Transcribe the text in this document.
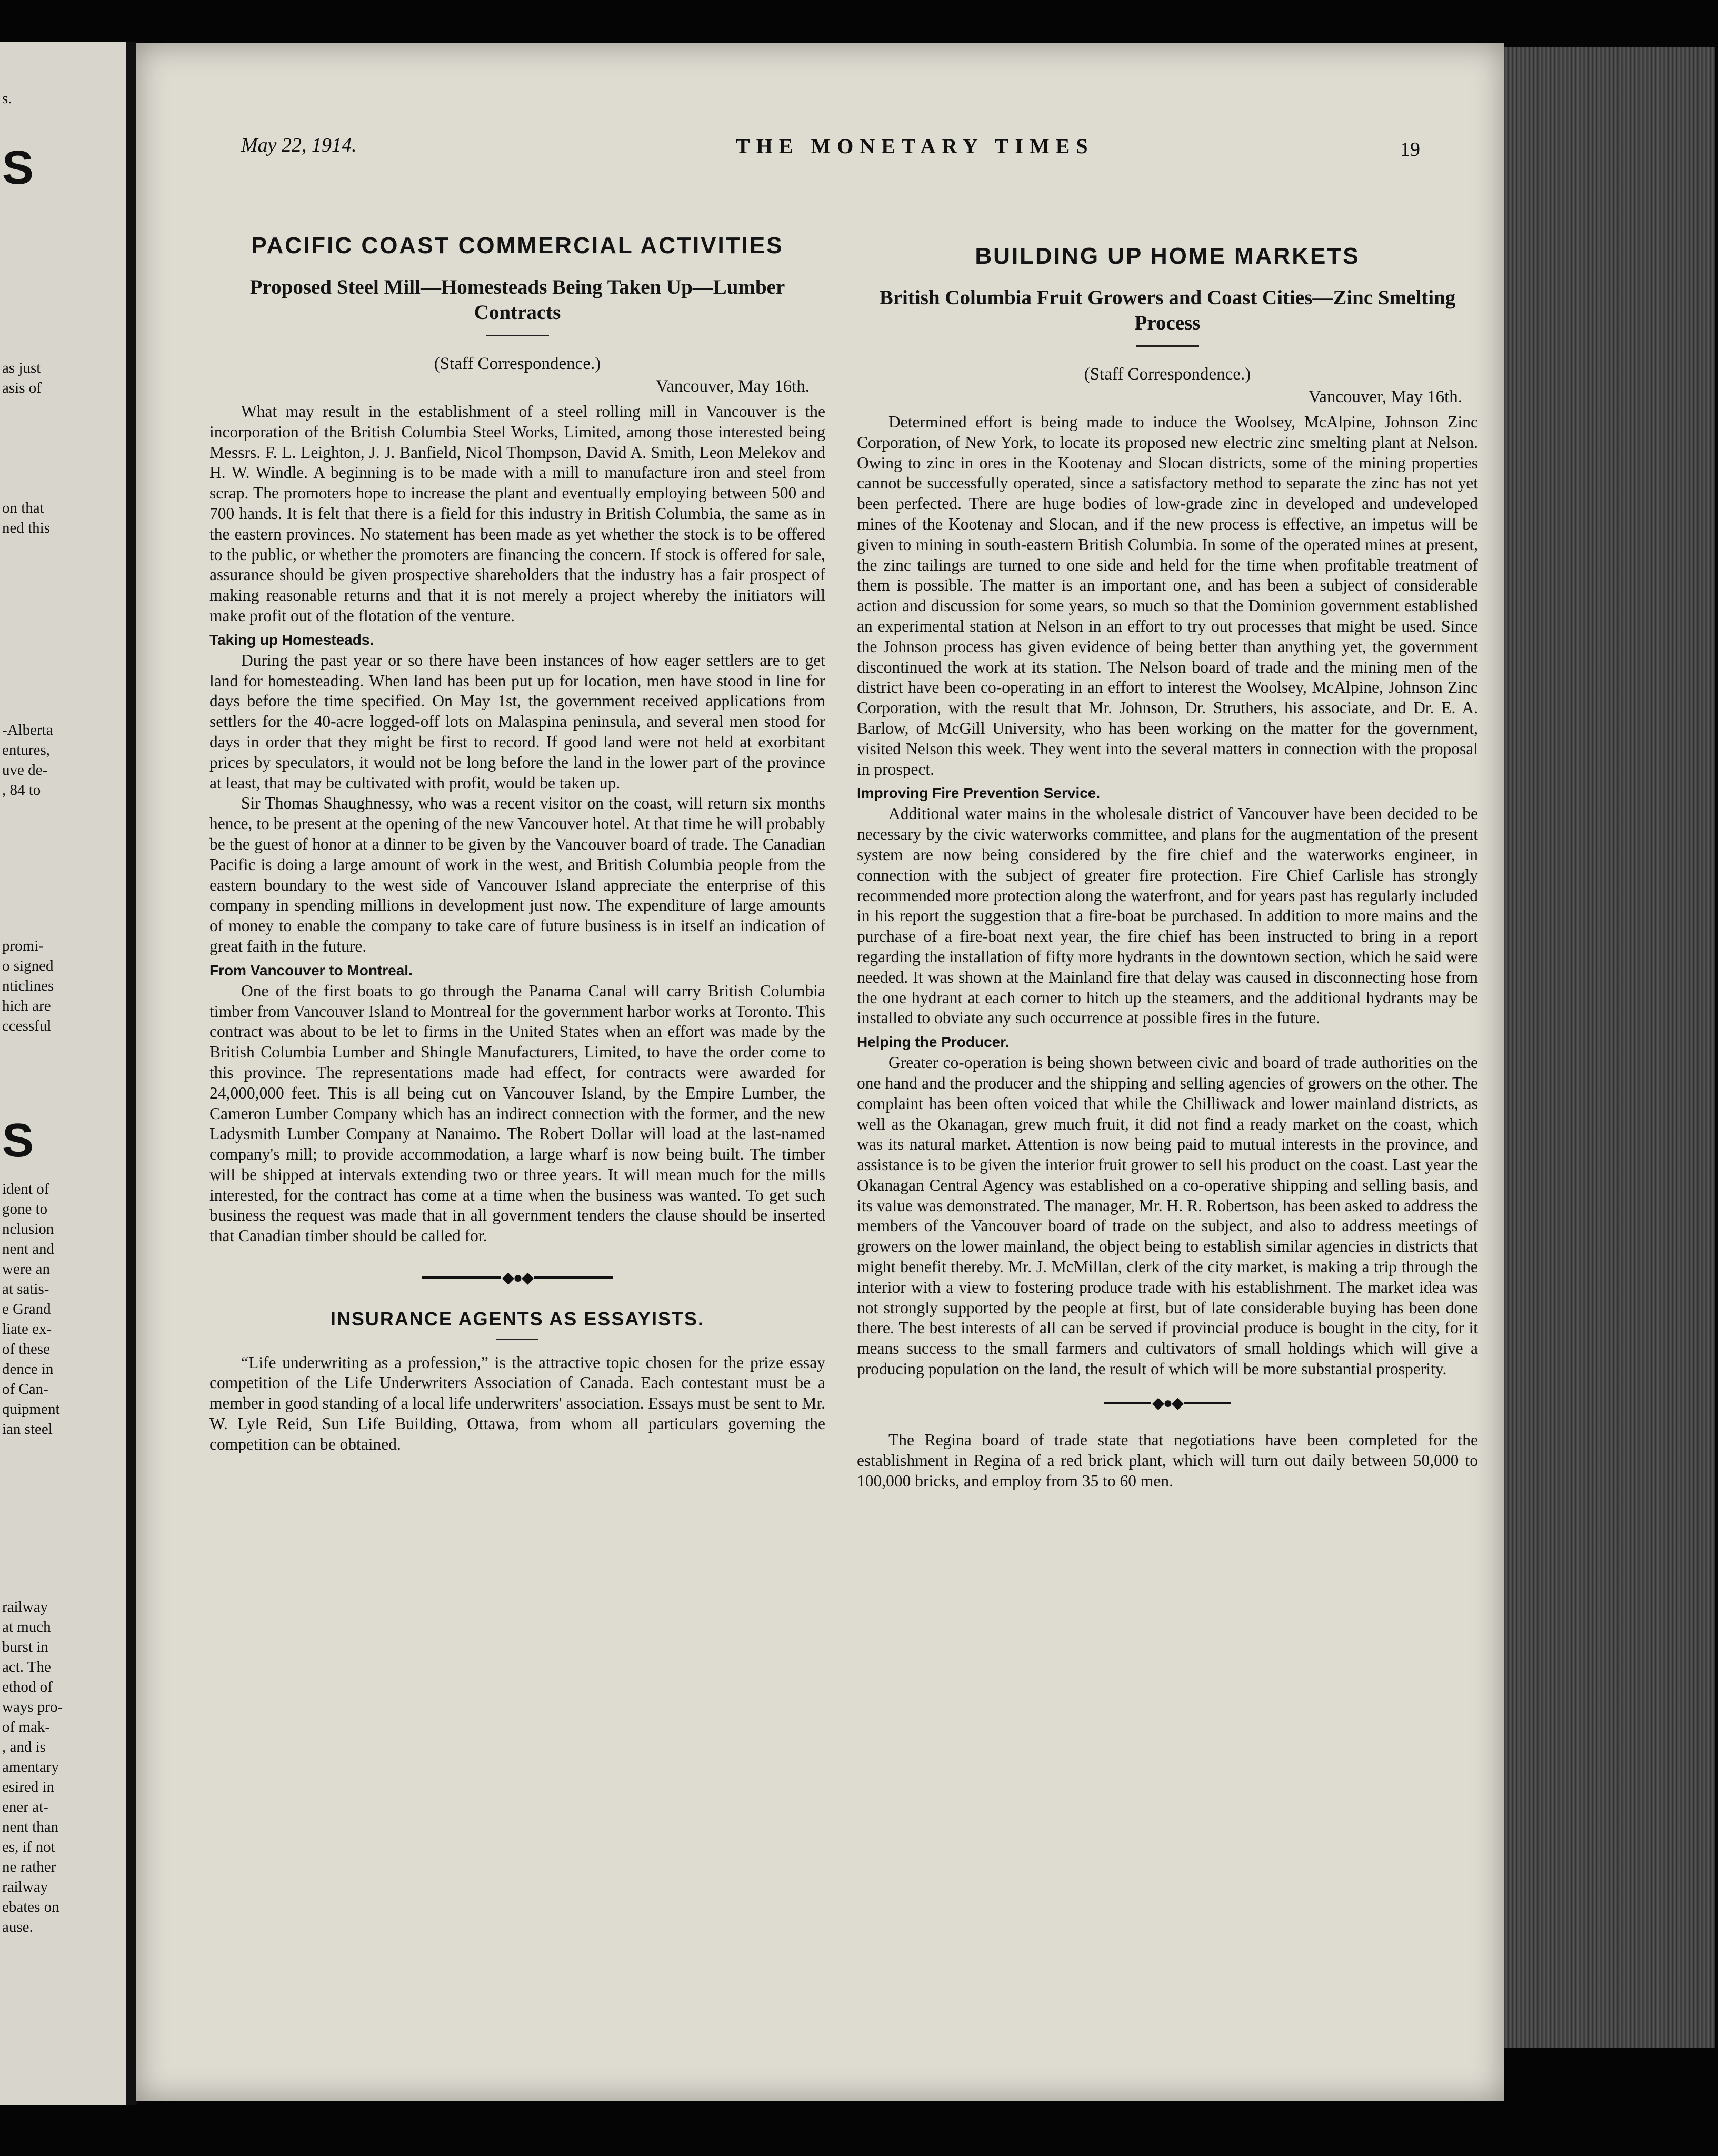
s.
S
as just
asis of
on that
ned this
-Alberta
entures,
uve de-
, 84 to
promi-
o signed
nticlines
hich are
ccessful
S
ident of
gone to
nclusion
nent and
were an
at satis-
e Grand
liate ex-
of these
dence in
of Can-
quipment
ian steel
railway
at much
burst in
act. The
ethod of
ways pro-
of mak-
, and is
amentary
esired in
ener at-
nent than
es, if not
ne rather
railway
ebates on
ause.
May 22, 1914.	THE MONETARY TIMES	19

PACIFIC COAST COMMERCIAL ACTIVITIES

Proposed Steel Mill—Homesteads Being Taken Up—Lumber Contracts

(Staff Correspondence.)

Vancouver, May 16th.

What may result in the establishment of a steel rolling mill in Vancouver is the incorporation of the British Columbia Steel Works, Limited, among those interested being Messrs. F. L. Leighton, J. J. Banfield, Nicol Thompson, David A. Smith, Leon Melekov and H. W. Windle. A beginning is to be made with a mill to manufacture iron and steel from scrap. The promoters hope to increase the plant and eventually employing between 500 and 700 hands. It is felt that there is a field for this industry in British Columbia, the same as in the eastern provinces. No statement has been made as yet whether the stock is to be offered to the public, or whether the promoters are financing the concern. If stock is offered for sale, assurance should be given prospective shareholders that the industry has a fair prospect of making reasonable returns and that it is not merely a project whereby the initiators will make profit out of the flotation of the venture.

Taking up Homesteads.

During the past year or so there have been instances of how eager settlers are to get land for homesteading. When land has been put up for location, men have stood in line for days before the time specified. On May 1st, the government received applications from settlers for the 40-acre logged-off lots on Malaspina peninsula, and several men stood for days in order that they might be first to record. If good land were not held at exorbitant prices by speculators, it would not be long before the land in the lower part of the province at least, that may be cultivated with profit, would be taken up.

Sir Thomas Shaughnessy, who was a recent visitor on the coast, will return six months hence, to be present at the opening of the new Vancouver hotel. At that time he will probably be the guest of honor at a dinner to be given by the Vancouver board of trade. The Canadian Pacific is doing a large amount of work in the west, and British Columbia people from the eastern boundary to the west side of Vancouver Island appreciate the enterprise of this company in spending millions in development just now. The expenditure of large amounts of money to enable the company to take care of future business is in itself an indication of great faith in the future.

From Vancouver to Montreal.

One of the first boats to go through the Panama Canal will carry British Columbia timber from Vancouver Island to Montreal for the government harbor works at Toronto. This contract was about to be let to firms in the United States when an effort was made by the British Columbia Lumber and Shingle Manufacturers, Limited, to have the order come to this province. The representations made had effect, for contracts were awarded for 24,000,000 feet. This is all being cut on Vancouver Island, by the Empire Lumber, the Cameron Lumber Company which has an indirect connection with the former, and the new Ladysmith Lumber Company at Nanaimo. The Robert Dollar will load at the last-named company's mill; to provide accommodation, a large wharf is now being built. The timber will be shipped at intervals extending two or three years. It will mean much for the mills interested, for the contract has come at a time when the business was wanted. To get such business the request was made that in all government tenders the clause should be inserted that Canadian timber should be called for.

◆●◆

INSURANCE AGENTS AS ESSAYISTS.

“Life underwriting as a profession,” is the attractive topic chosen for the prize essay competition of the Life Underwriters Association of Canada. Each contestant must be a member in good standing of a local life underwriters' association. Essays must be sent to Mr. W. Lyle Reid, Sun Life Building, Ottawa, from whom all particulars governing the competition can be obtained.

BUILDING UP HOME MARKETS

British Columbia Fruit Growers and Coast Cities—Zinc Smelting Process

(Staff Correspondence.)

Vancouver, May 16th.

Determined effort is being made to induce the Woolsey, McAlpine, Johnson Zinc Corporation, of New York, to locate its proposed new electric zinc smelting plant at Nelson. Owing to zinc in ores in the Kootenay and Slocan districts, some of the mining properties cannot be successfully operated, since a satisfactory method to separate the zinc has not yet been perfected. There are huge bodies of low-grade zinc in developed and undeveloped mines of the Kootenay and Slocan, and if the new process is effective, an impetus will be given to mining in south-eastern British Columbia. In some of the operated mines at present, the zinc tailings are turned to one side and held for the time when profitable treatment of them is possible. The matter is an important one, and has been a subject of considerable action and discussion for some years, so much so that the Dominion government established an experimental station at Nelson in an effort to try out processes that might be used. Since the Johnson process has given evidence of being better than anything yet, the government discontinued the work at its station. The Nelson board of trade and the mining men of the district have been co-operating in an effort to interest the Woolsey, McAlpine, Johnson Zinc Corporation, with the result that Mr. Johnson, Dr. Struthers, his associate, and Dr. E. A. Barlow, of McGill University, who has been working on the matter for the government, visited Nelson this week. They went into the several matters in connection with the proposal in prospect.

Improving Fire Prevention Service.

Additional water mains in the wholesale district of Vancouver have been decided to be necessary by the civic waterworks committee, and plans for the augmentation of the present system are now being considered by the fire chief and the waterworks engineer, in connection with the subject of greater fire protection. Fire Chief Carlisle has strongly recommended more protection along the waterfront, and for years past has regularly included in his report the suggestion that a fire-boat be purchased. In addition to more mains and the purchase of a fire-boat next year, the fire chief has been instructed to bring in a report regarding the installation of fifty more hydrants in the downtown section, which he said were needed. It was shown at the Mainland fire that delay was caused in disconnecting hose from the one hydrant at each corner to hitch up the steamers, and the additional hydrants may be installed to obviate any such occurrence at possible fires in the future.

Helping the Producer.

Greater co-operation is being shown between civic and board of trade authorities on the one hand and the producer and the shipping and selling agencies of growers on the other. The complaint has been often voiced that while the Chilliwack and lower mainland districts, as well as the Okanagan, grew much fruit, it did not find a ready market on the coast, which was its natural market. Attention is now being paid to mutual interests in the province, and assistance is to be given the interior fruit grower to sell his product on the coast. Last year the Okanagan Central Agency was established on a co-operative shipping and selling basis, and its value was demonstrated. The manager, Mr. H. R. Robertson, has been asked to address the members of the Vancouver board of trade on the subject, and also to address meetings of growers on the lower mainland, the object being to establish similar agencies in districts that might benefit thereby. Mr. J. McMillan, clerk of the city market, is making a trip through the interior with a view to fostering produce trade with his establishment. The market idea was not strongly supported by the people at first, but of late considerable buying has been done there. The best interests of all can be served if provincial produce is bought in the city, for it means success to the small farmers and cultivators of small holdings which will give a producing population on the land, the result of which will be more substantial prosperity.

◆●◆

The Regina board of trade state that negotiations have been completed for the establishment in Regina of a red brick plant, which will turn out daily between 50,000 to 100,000 bricks, and employ from 35 to 60 men.
